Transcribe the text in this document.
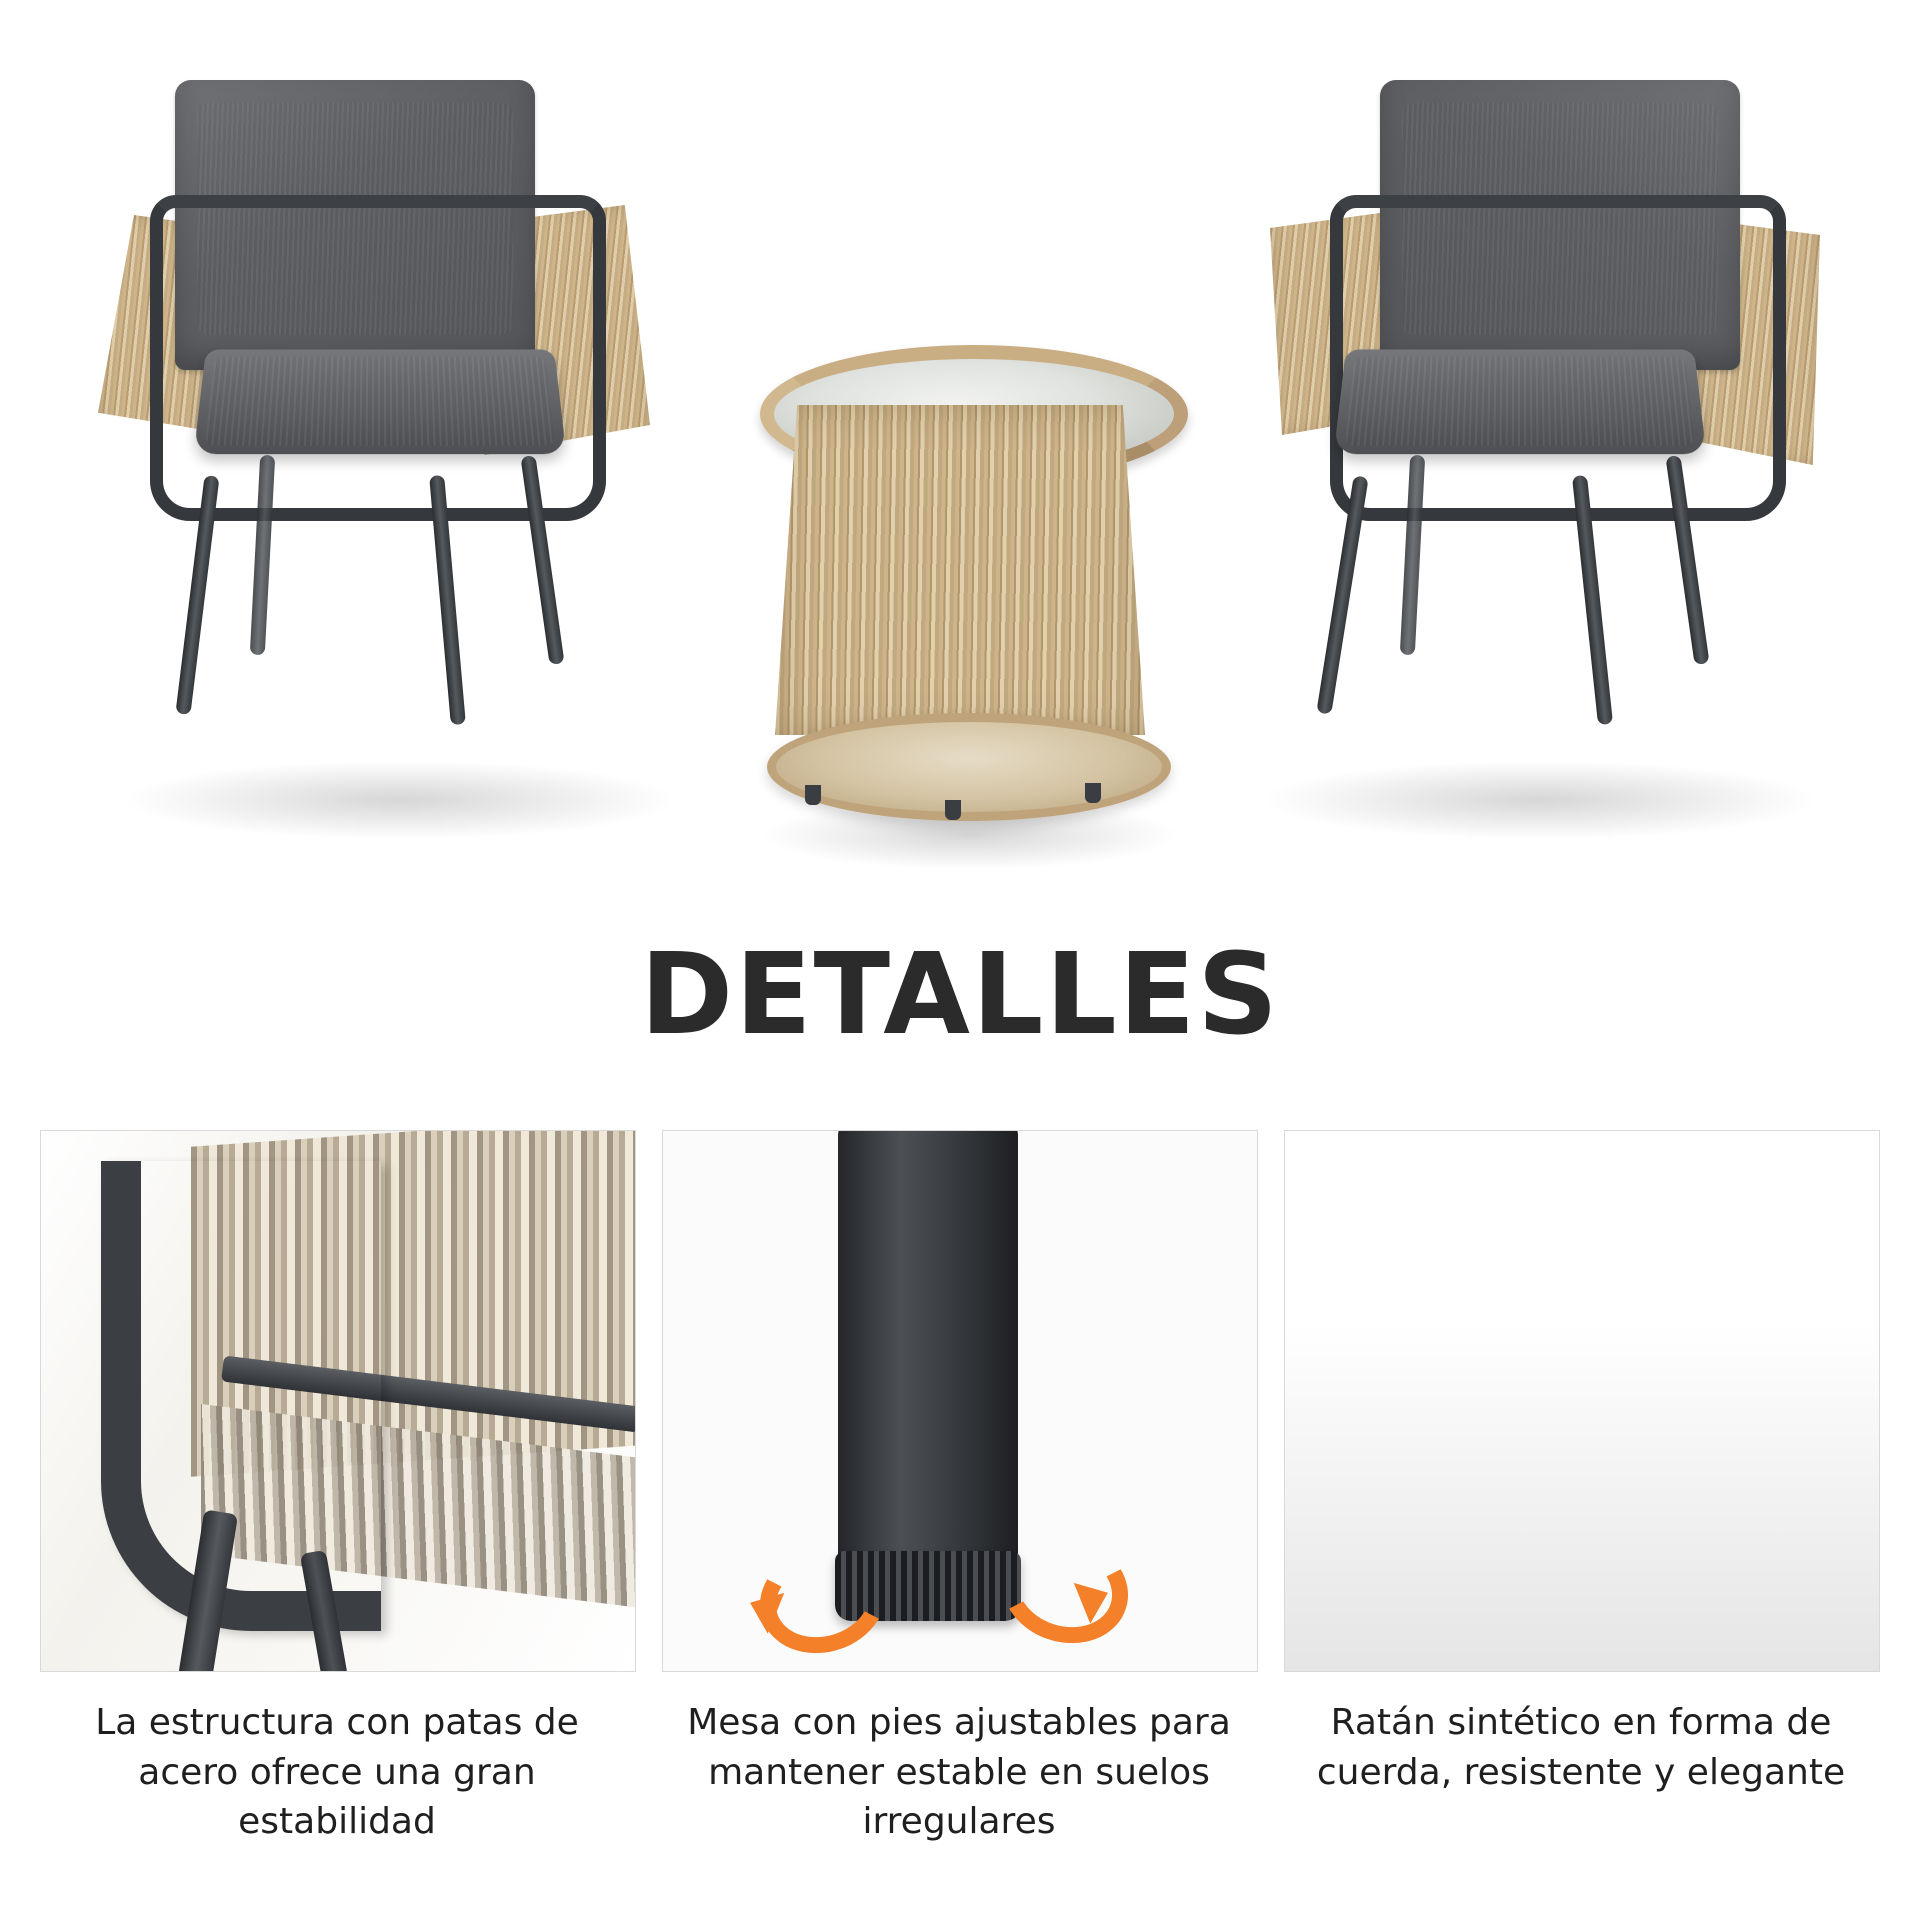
DETALLES
La estructura con patas de acero ofrece una gran estabilidad
Mesa con pies ajustables para mantener estable en suelos irregulares
Ratán sintético en forma de cuerda, resistente y elegante
